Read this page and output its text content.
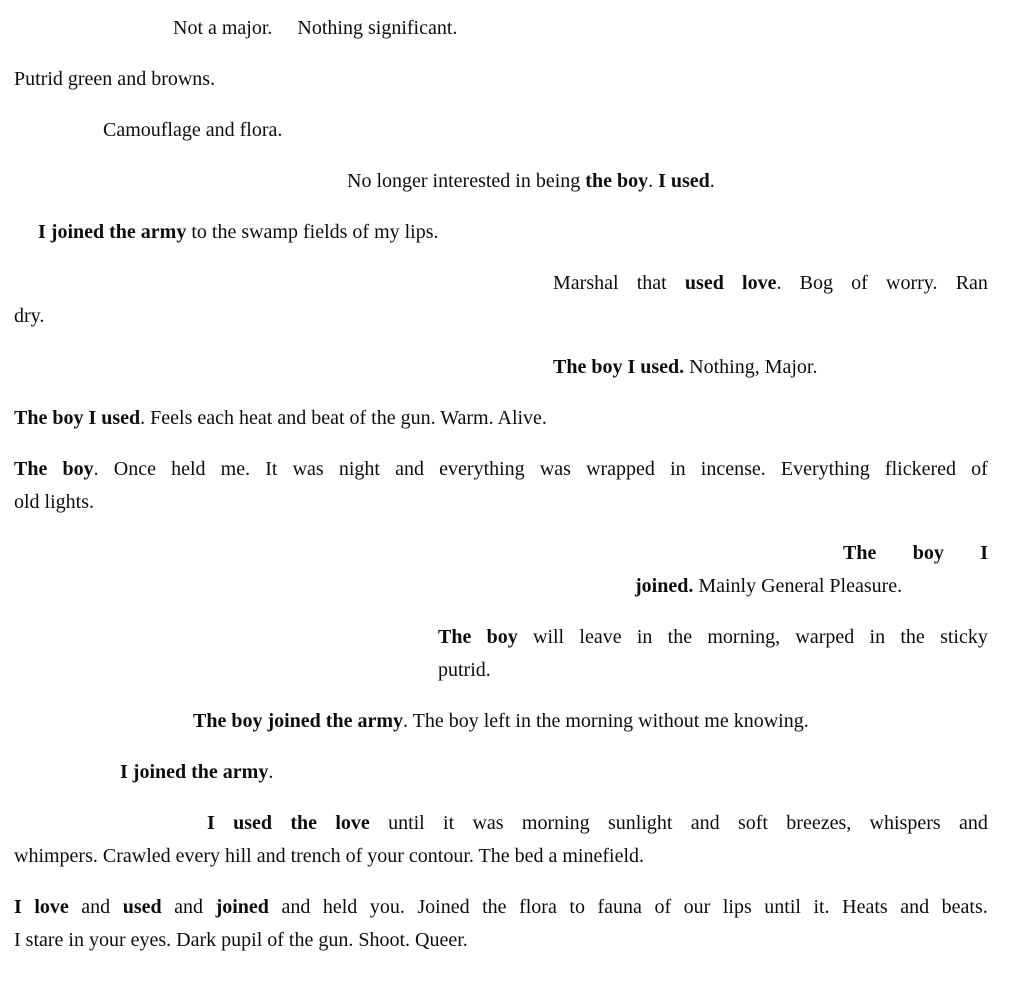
Not a major.     Nothing significant.
Putrid green and browns.
Camouflage and flora.
No longer interested in being the boy. I used.
I joined the army to the swamp fields of my lips.
Marshal that used love. Bog of worry. Ran
dry.
The boy I used. Nothing, Major.
The boy I used. Feels each heat and beat of the gun. Warm. Alive.
The boy. Once held me. It was night and everything was wrapped in incense. Everything flickered of
old lights.
The boy I
joined. Mainly General Pleasure.
The boy will leave in the morning, warped in the sticky
putrid.
The boy joined the army. The boy left in the morning without me knowing.
I joined the army.
I used the love until it was morning sunlight and soft breezes, whispers and
whimpers. Crawled every hill and trench of your contour. The bed a minefield.
I love and used and joined and held you. Joined the flora to fauna of our lips until it. Heats and beats.
I stare in your eyes. Dark pupil of the gun. Shoot. Queer.
